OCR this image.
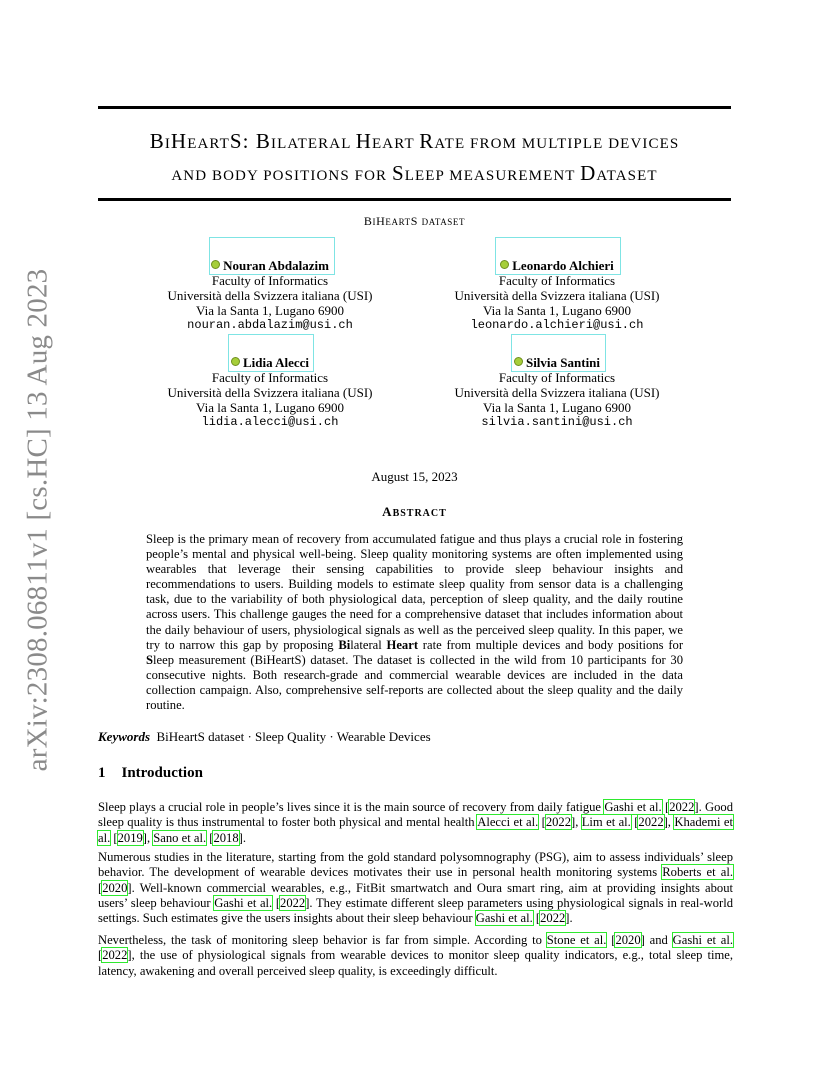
arXiv:2308.06811v1 [cs.HC] 13 Aug 2023
BIHEARTS: BILATERAL HEART RATE FROM MULTIPLE DEVICES
AND BODY POSITIONS FOR SLEEP MEASUREMENT DATASET
BIHEARTS DATASET
Nouran Abdalazim
Faculty of Informatics
Università della Svizzera italiana (USI)
Via la Santa 1, Lugano 6900
nouran.abdalazim@usi.ch
Leonardo Alchieri
Faculty of Informatics
Università della Svizzera italiana (USI)
Via la Santa 1, Lugano 6900
leonardo.alchieri@usi.ch
Lidia Alecci
Faculty of Informatics
Università della Svizzera italiana (USI)
Via la Santa 1, Lugano 6900
lidia.alecci@usi.ch
Silvia Santini
Faculty of Informatics
Università della Svizzera italiana (USI)
Via la Santa 1, Lugano 6900
silvia.santini@usi.ch
August 15, 2023
ABSTRACT
Sleep is the primary mean of recovery from accumulated fatigue and thus plays a crucial role in fostering people’s mental and physical well-being. Sleep quality monitoring systems are often implemented using wearables that leverage their sensing capabilities to provide sleep behaviour insights and recommendations to users. Building models to estimate sleep quality from sensor data is a challenging task, due to the variability of both physiological data, perception of sleep quality, and the daily routine across users. This challenge gauges the need for a comprehensive dataset that includes information about the daily behaviour of users, physiological signals as well as the perceived sleep quality. In this paper, we try to narrow this gap by proposing Bilateral Heart rate from multiple devices and body positions for Sleep measurement (BiHeartS) dataset. The dataset is collected in the wild from 10 participants for 30 consecutive nights. Both research-grade and commercial wearable devices are included in the data collection campaign. Also, comprehensive self-reports are collected about the sleep quality and the daily routine.
Keywords BiHeartS dataset · Sleep Quality · Wearable Devices
1 Introduction
Sleep plays a crucial role in people’s lives since it is the main source of recovery from daily fatigue Gashi et al. [2022]. Good sleep quality is thus instrumental to foster both physical and mental health Alecci et al. [2022], Lim et al. [2022], Khademi et al. [2019], Sano et al. [2018].
Numerous studies in the literature, starting from the gold standard polysomnography (PSG), aim to assess individuals’ sleep behavior. The development of wearable devices motivates their use in personal health monitoring systems Roberts et al. [2020]. Well-known commercial wearables, e.g., FitBit smartwatch and Oura smart ring, aim at providing insights about users’ sleep behaviour Gashi et al. [2022]. They estimate different sleep parameters using physiological signals in real-world settings. Such estimates give the users insights about their sleep behaviour Gashi et al. [2022].
Nevertheless, the task of monitoring sleep behavior is far from simple. According to Stone et al. [2020] and Gashi et al. [2022], the use of physiological signals from wearable devices to monitor sleep quality indicators, e.g., total sleep time, latency, awakening and overall perceived sleep quality, is exceedingly difficult.
